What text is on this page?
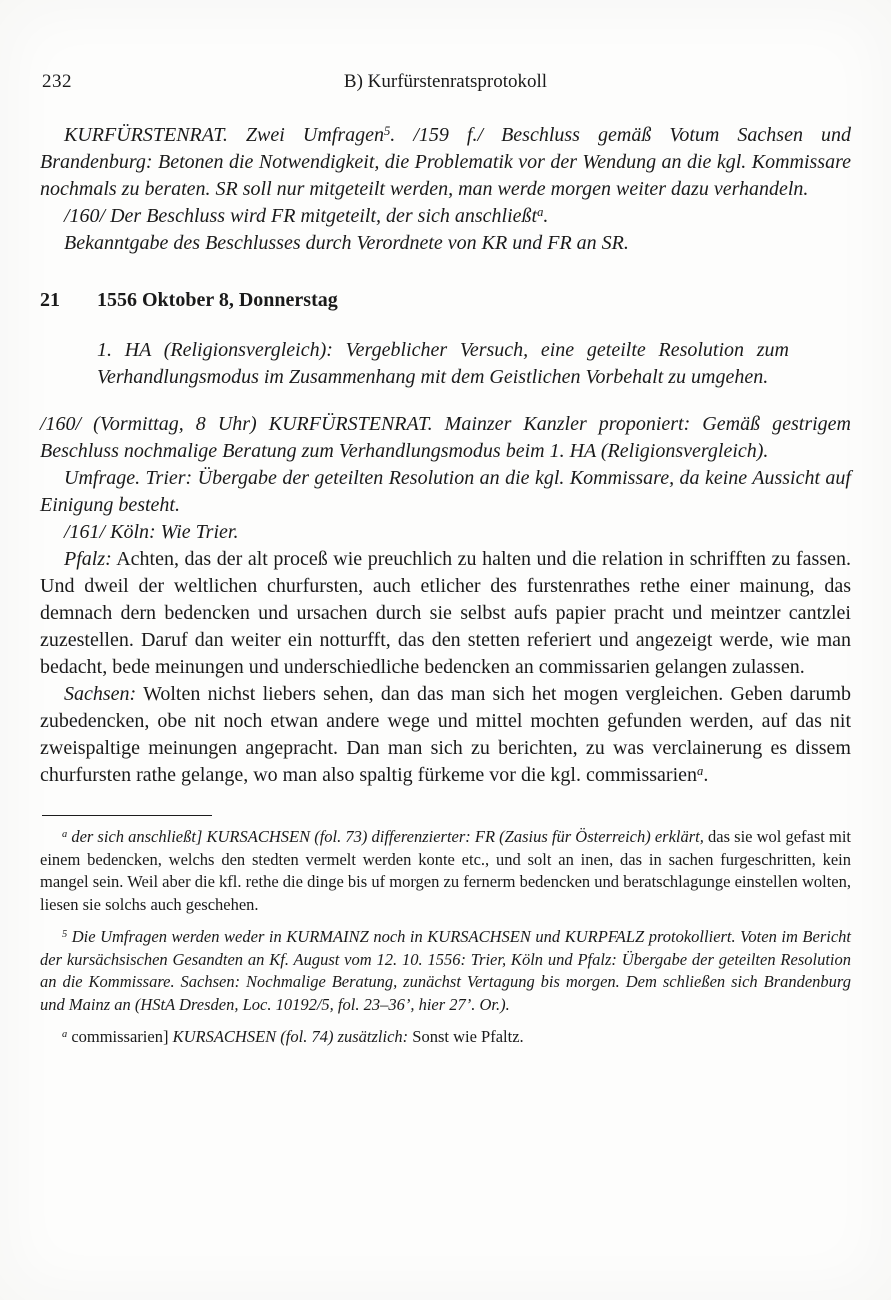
232	B) Kurfürstenratsprotokoll

KURFÜRSTENRAT. Zwei Umfragen$^5$. /159 f./ Beschluss gemäß Votum Sachsen und Brandenburg: Betonen die Notwendigkeit, die Problematik vor der Wendung an die kgl. Kommissare nochmals zu beraten. SR soll nur mitgeteilt werden, man werde morgen weiter dazu verhandeln.

/160/ Der Beschluss wird FR mitgeteilt, der sich anschließt$^a$.

Bekanntgabe des Beschlusses durch Verordnete von KR und FR an SR.

21 1556 Oktober 8, Donnerstag

1. HA (Religionsvergleich): Vergeblicher Versuch, eine geteilte Resolution zum Verhandlungsmodus im Zusammenhang mit dem Geistlichen Vorbehalt zu umgehen.

/160/ (Vormittag, 8 Uhr) KURFÜRSTENRAT. Mainzer Kanzler proponiert: Gemäß gestrigem Beschluss nochmalige Beratung zum Verhandlungsmodus beim 1. HA (Religionsvergleich).

Umfrage. Trier: Übergabe der geteilten Resolution an die kgl. Kommissare, da keine Aussicht auf Einigung besteht.

/161/ Köln: Wie Trier.

Pfalz: Achten, das der alt proceß wie preuchlich zu halten und die relation in schrifften zu fassen. Und dweil der weltlichen churfursten, auch etlicher des furstenrathes rethe einer mainung, das demnach dern bedencken und ursachen durch sie selbst aufs papier pracht und meintzer cantzlei zuzestellen. Daruf dan weiter ein notturfft, das den stetten referiert und angezeigt werde, wie man bedacht, bede meinungen und underschiedliche bedencken an commissarien gelangen zulassen.

Sachsen: Wolten nichst liebers sehen, dan das man sich het mogen vergleichen. Geben darumb zubedencken, obe nit noch etwan andere wege und mittel mochten gefunden werden, auf das nit zweispaltige meinungen angepracht. Dan man sich zu berichten, zu was verclainerung es dissem churfursten rathe gelange, wo man also spaltig fürkeme vor die kgl. commissarien$^a$.

$^a$ der sich anschließt] KURSACHSEN (fol. 73) differenzierter: FR (Zasius für Österreich) erklärt, das sie wol gefast mit einem bedencken, welchs den stedten vermelt werden konte etc., und solt an inen, das in sachen furgeschritten, kein mangel sein. Weil aber die kfl. rethe die dinge bis uf morgen zu fernerm bedencken und beratschlagunge einstellen wolten, liesen sie solchs auch geschehen.

$^5$ Die Umfragen werden weder in KURMAINZ noch in KURSACHSEN und KURPFALZ protokolliert. Voten im Bericht der kursächsischen Gesandten an Kf. August vom 12. 10. 1556: Trier, Köln und Pfalz: Übergabe der geteilten Resolution an die Kommissare. Sachsen: Nochmalige Beratung, zunächst Vertagung bis morgen. Dem schließen sich Brandenburg und Mainz an (HStA Dresden, Loc. 10192/5, fol. 23–36’, hier 27’. Or.).

$^a$ commissarien] KURSACHSEN (fol. 74) zusätzlich: Sonst wie Pfaltz.
